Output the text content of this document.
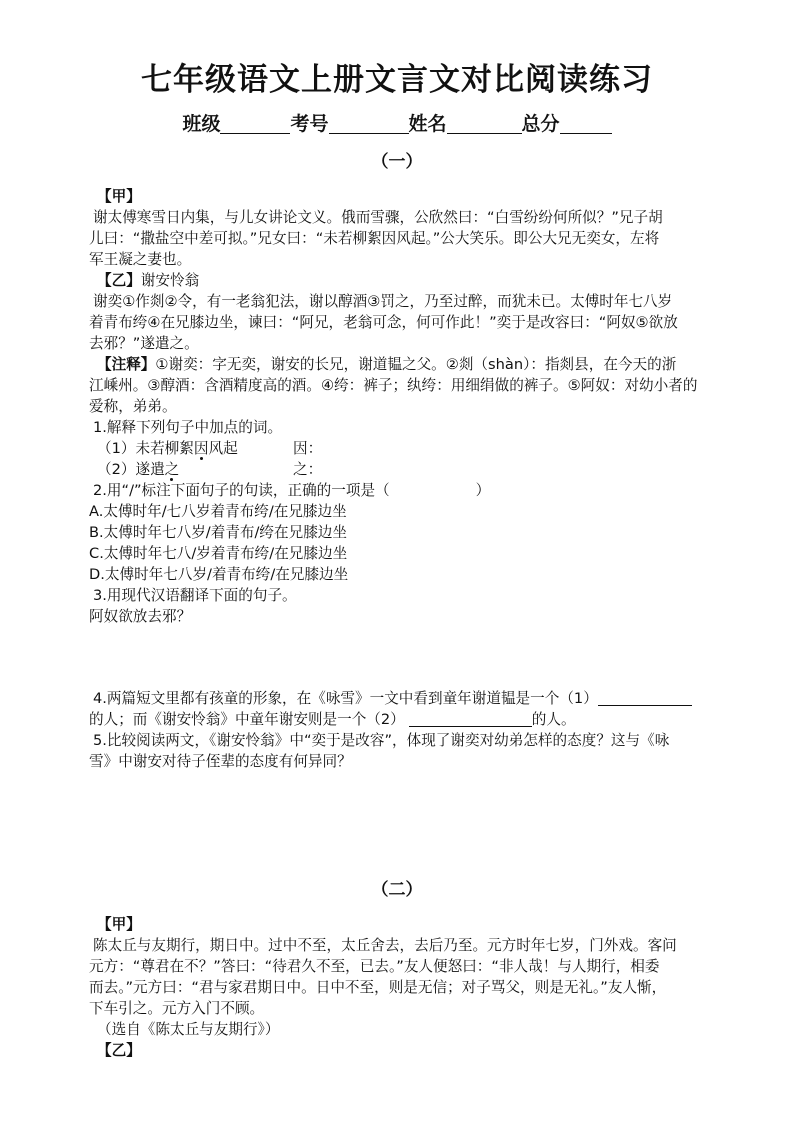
七年级语文上册文言文对比阅读练习
班级	考号	姓名	总分
（一）
【甲】
谢太傅寒雪日内集，与儿女讲论文义。俄而雪骤，公欣然曰：“白雪纷纷何所似？”兄子胡
儿曰：“撒盐空中差可拟。”兄女曰：“未若柳絮因风起。”公大笑乐。即公大兄无奕女，左将
军王凝之妻也。
【乙】谢安怜翁
谢奕①作剡②令，有一老翁犯法，谢以醇酒③罚之，乃至过醉，而犹未已。太傅时年七八岁
着青布绔④在兄膝边坐，谏曰：“阿兄，老翁可念，何可作此！”奕于是改容曰：“阿奴⑤欲放
去邪？”遂遣之。
【注释】①谢奕：字无奕，谢安的长兄，谢道韫之父。②剡（shàn）：指剡县，在今天的浙
江嵊州。③醇酒：含酒精度高的酒。④绔：裤子；纨绔：用细绢做的裤子。⑤阿奴：对幼小者的
爱称，弟弟。
1.解释下列句子中加点的词。
（1）未若柳絮因风起	因：
（2）遂遣之	之：
2.用“/”标注下面句子的句读，正确的一项是（	）
A.太傅时年/七八岁着青布绔/在兄膝边坐
B.太傅时年七八岁/着青布/绔在兄膝边坐
C.太傅时年七八/岁着青布绔/在兄膝边坐
D.太傅时年七八岁/着青布绔/在兄膝边坐
3.用现代汉语翻译下面的句子。
阿奴欲放去邪？
4.两篇短文里都有孩童的形象，在《咏雪》一文中看到童年谢道韫是一个（1）
的人；而《谢安怜翁》中童年谢安则是一个（2）	的人。
5.比较阅读两文，《谢安怜翁》中“奕于是改容”，体现了谢奕对幼弟怎样的态度？这与《咏
雪》中谢安对待子侄辈的态度有何异同？
（二）
【甲】
陈太丘与友期行，期日中。过中不至，太丘舍去，去后乃至。元方时年七岁，门外戏。客问
元方：“尊君在不？”答曰：“待君久不至，已去。”友人便怒曰：“非人哉！与人期行，相委
而去。”元方曰：“君与家君期日中。日中不至，则是无信；对子骂父，则是无礼。”友人惭，
下车引之。元方入门不顾。
（选自《陈太丘与友期行》）
【乙】
